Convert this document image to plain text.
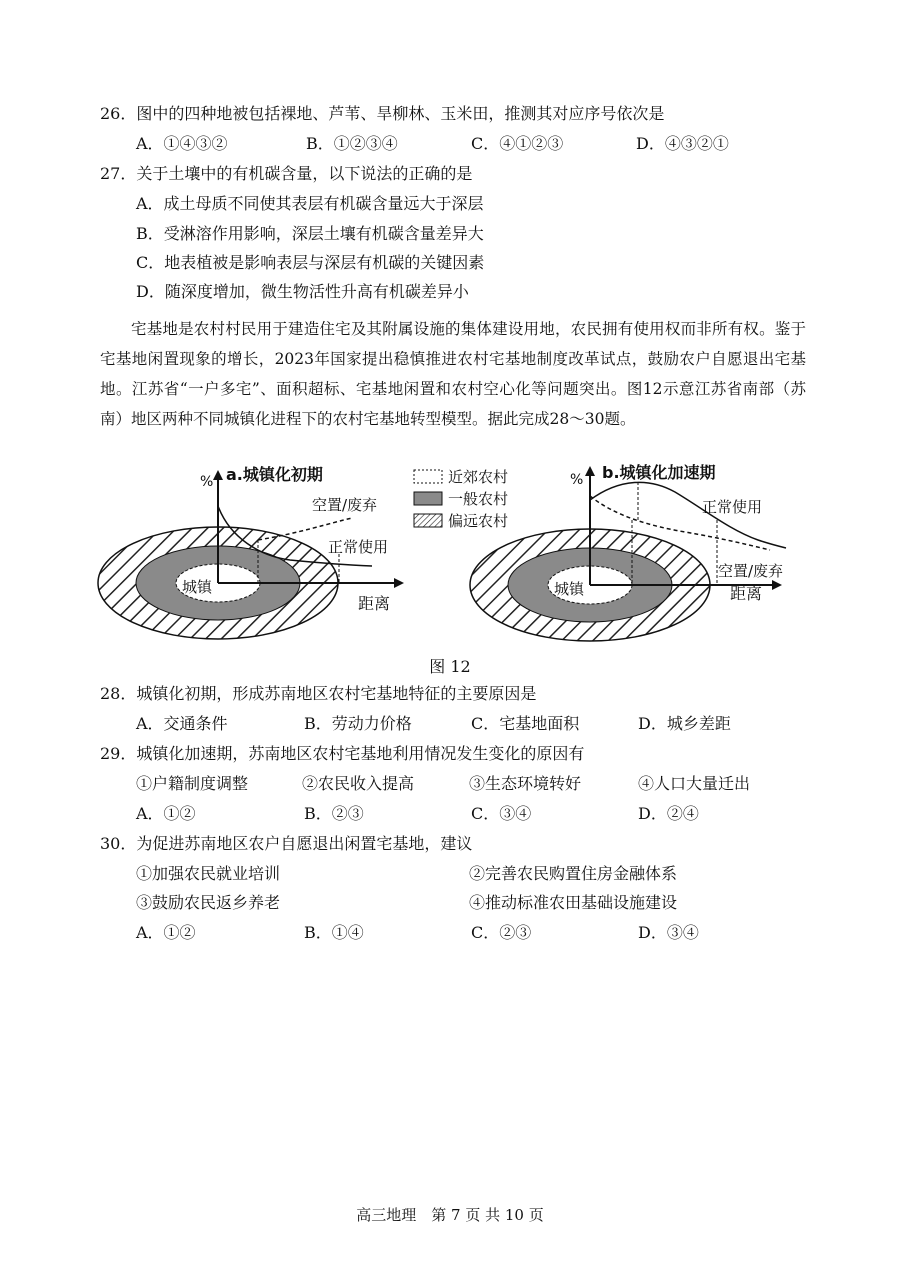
26．图中的四种地被包括裸地、芦苇、旱柳林、玉米田，推测其对应序号依次是
A．①④③②	B．①②③④	C．④①②③	D．④③②①
27．关于土壤中的有机碳含量，以下说法的正确的是
A．成土母质不同使其表层有机碳含量远大于深层
B．受淋溶作用影响，深层土壤有机碳含量差异大
C．地表植被是影响表层与深层有机碳的关键因素
D．随深度增加，微生物活性升高有机碳差异小
宅基地是农村村民用于建造住宅及其附属设施的集体建设用地，农民拥有使用权而非所有权。鉴于宅基地闲置现象的增长，2023年国家提出稳慎推进农村宅基地制度改革试点，鼓励农户自愿退出宅基地。江苏省“一户多宅”、面积超标、宅基地闲置和农村空心化等问题突出。图12示意江苏省南部（苏南）地区两种不同城镇化进程下的农村宅基地转型模型。据此完成28～30题。
a.城镇化初期
%
空置/废弃
正常使用
城镇
距离
近郊农村
一般农村
偏远农村
b.城镇化加速期
%
正常使用
空置/废弃
城镇	距离
图 12
28．城镇化初期，形成苏南地区农村宅基地特征的主要原因是
A．交通条件	B．劳动力价格	C．宅基地面积	D．城乡差距
29．城镇化加速期，苏南地区农村宅基地利用情况发生变化的原因有
①户籍制度调整	②农民收入提高	③生态环境转好	④人口大量迁出
A．①②	B．②③	C．③④	D．②④
30．为促进苏南地区农户自愿退出闲置宅基地，建议
①加强农民就业培训	②完善农民购置住房金融体系
③鼓励农民返乡养老	④推动标准农田基础设施建设
A．①②	B．①④	C．②③	D．③④
高三地理　第 7 页 共 10 页
